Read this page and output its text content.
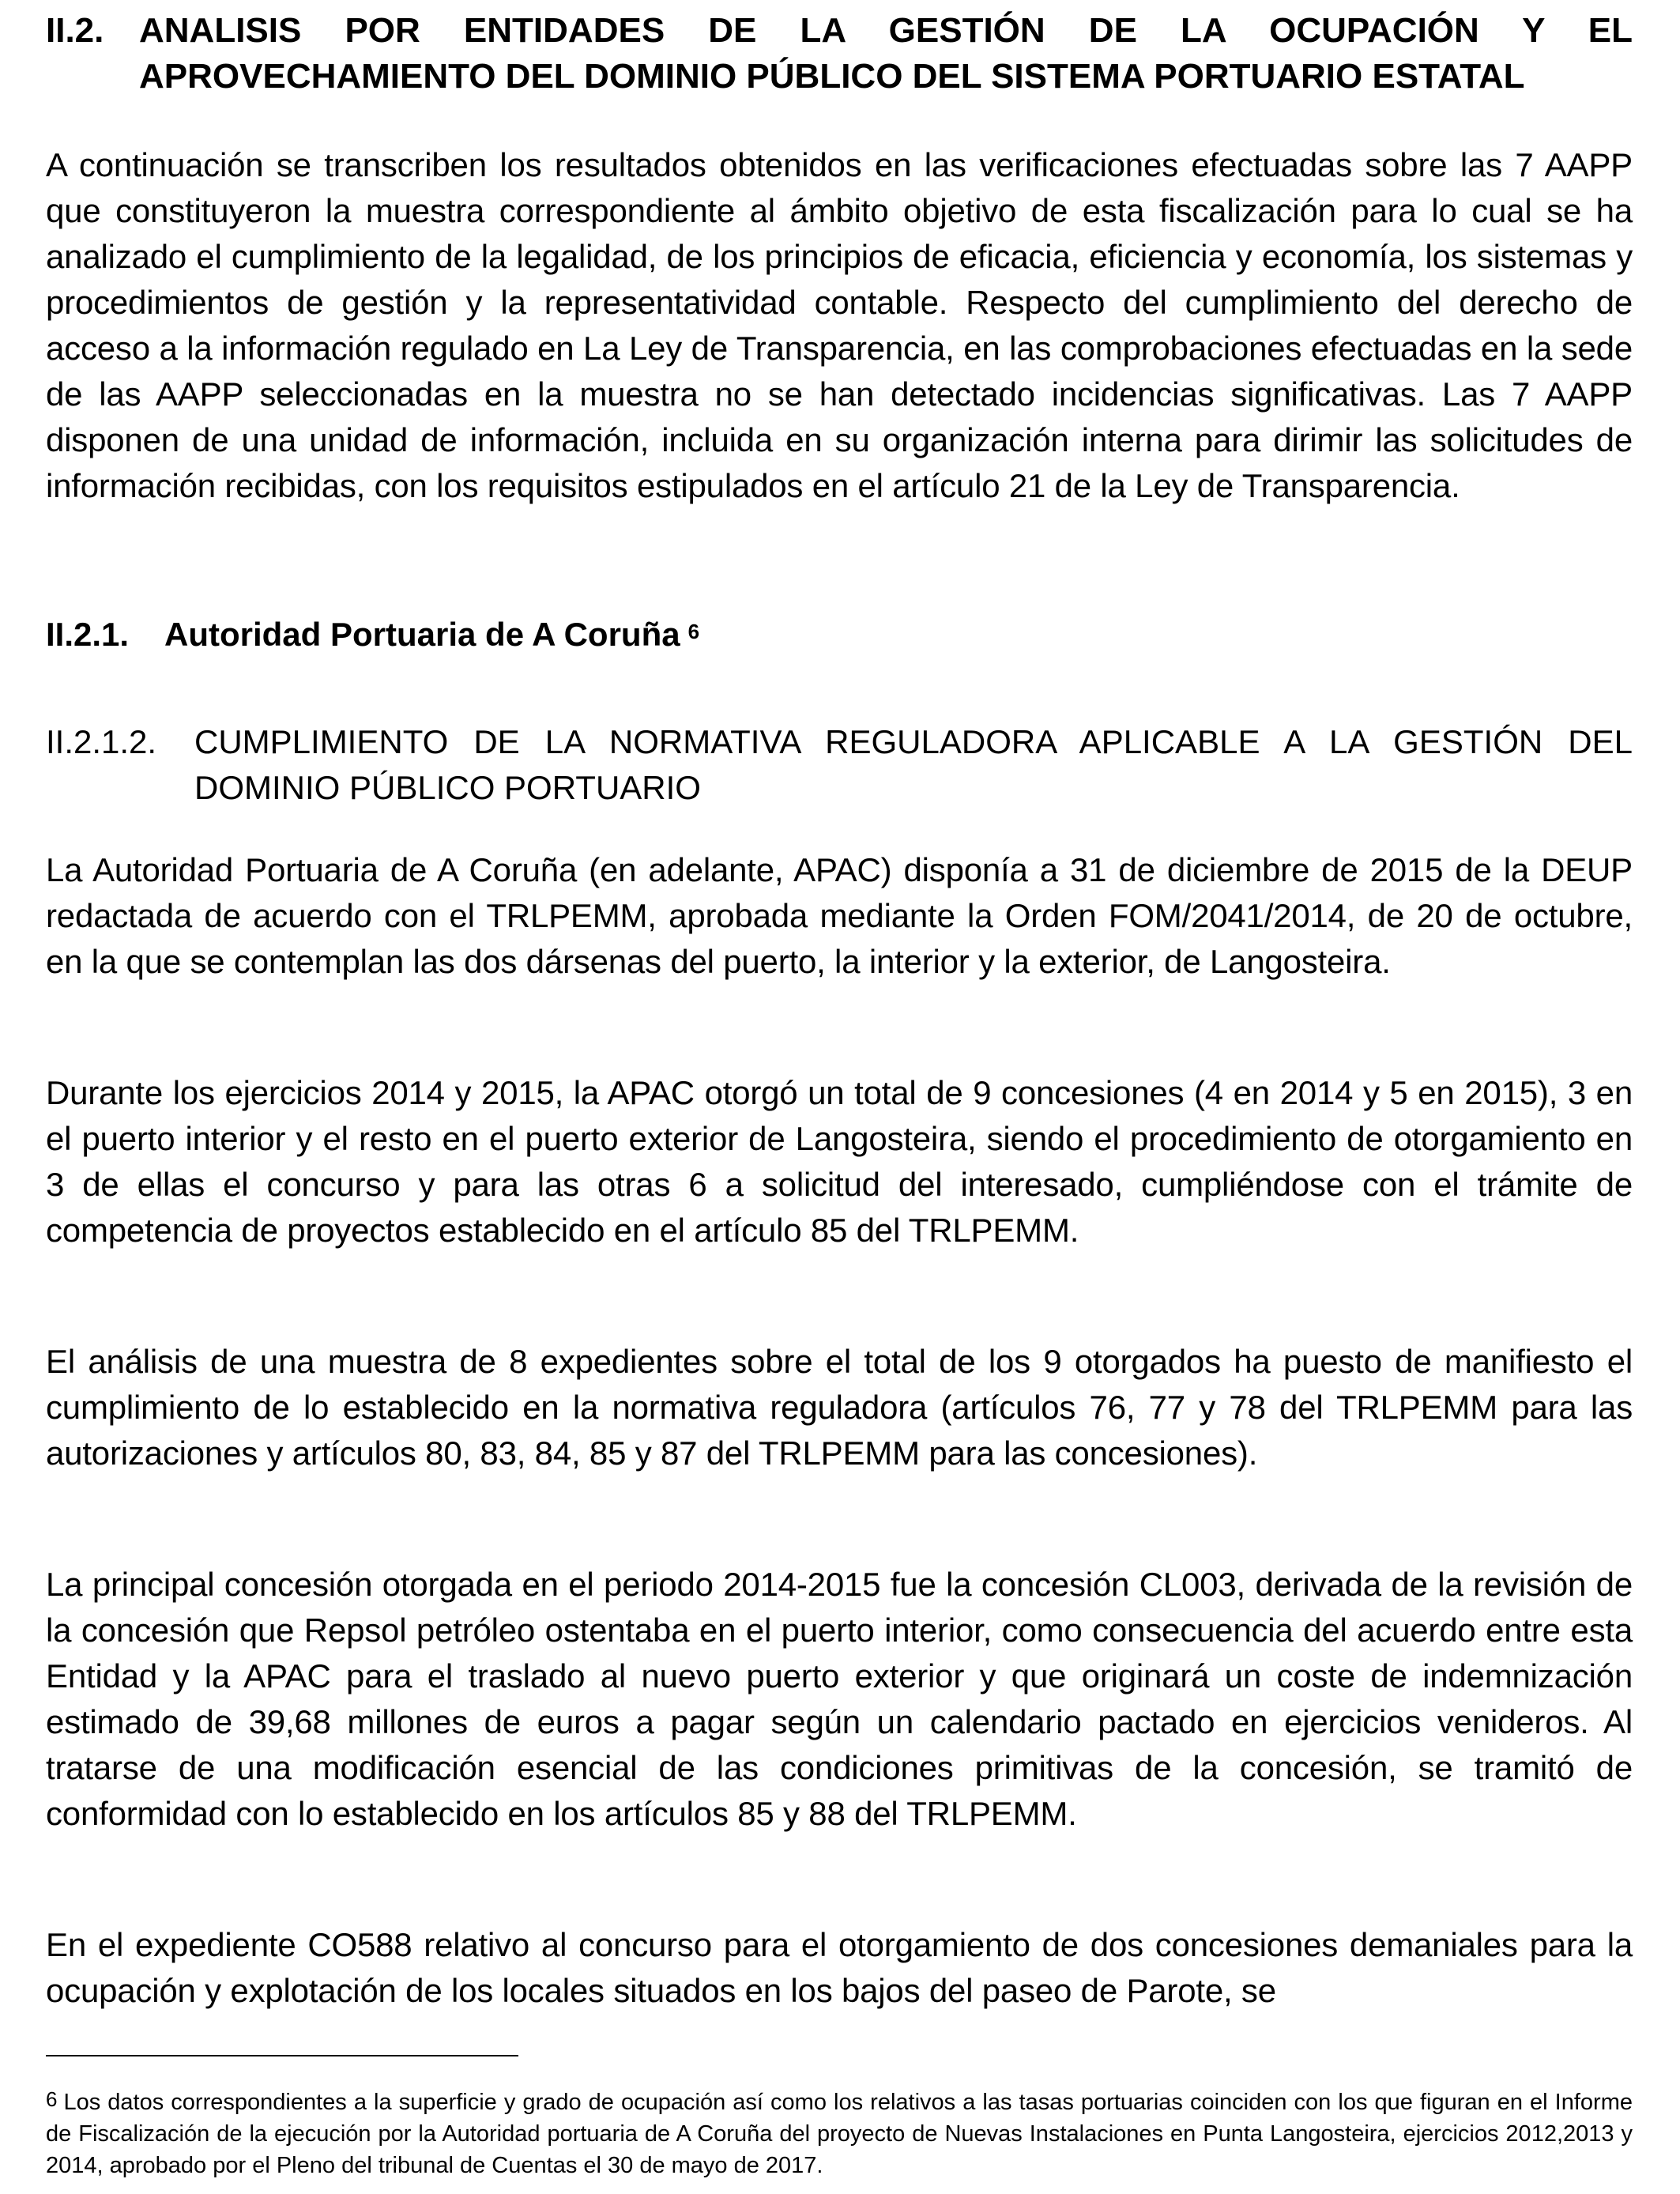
II.2. ANALISIS POR ENTIDADES DE LA GESTIÓN DE LA OCUPACIÓN Y EL
APROVECHAMIENTO DEL DOMINIO PÚBLICO DEL SISTEMA PORTUARIO ESTATAL

A continuación se transcriben los resultados obtenidos en las verificaciones efectuadas sobre las 7 AAPP que constituyeron la muestra correspondiente al ámbito objetivo de esta fiscalización para lo cual se ha analizado el cumplimiento de la legalidad, de los principios de eficacia, eficiencia y economía, los sistemas y procedimientos de gestión y la representatividad contable. Respecto del cumplimiento del derecho de acceso a la información regulado en La Ley de Transparencia, en las comprobaciones efectuadas en la sede de las AAPP seleccionadas en la muestra no se han detectado incidencias significativas. Las 7 AAPP disponen de una unidad de información, incluida en su organización interna para dirimir las solicitudes de información recibidas, con los requisitos estipulados en el artículo 21 de la Ley de Transparencia.

II.2.1. Autoridad Portuaria de A Coruña $^6$
II.2.1.2. CUMPLIMIENTO DE LA NORMATIVA REGULADORA APLICABLE A LA GESTIÓN DEL
DOMINIO PÚBLICO PORTUARIO

La Autoridad Portuaria de A Coruña (en adelante, APAC) disponía a 31 de diciembre de 2015 de la DEUP redactada de acuerdo con el TRLPEMM, aprobada mediante la Orden FOM/2041/2014, de 20 de octubre, en la que se contemplan las dos dársenas del puerto, la interior y la exterior, de Langosteira.

Durante los ejercicios 2014 y 2015, la APAC otorgó un total de 9 concesiones (4 en 2014 y 5 en 2015), 3 en el puerto interior y el resto en el puerto exterior de Langosteira, siendo el procedimiento de otorgamiento en 3 de ellas el concurso y para las otras 6 a solicitud del interesado, cumpliéndose con el trámite de competencia de proyectos establecido en el artículo 85 del TRLPEMM.

El análisis de una muestra de 8 expedientes sobre el total de los 9 otorgados ha puesto de manifiesto el cumplimiento de lo establecido en la normativa reguladora (artículos 76, 77 y 78 del TRLPEMM para las autorizaciones y artículos 80, 83, 84, 85 y 87 del TRLPEMM para las concesiones).

La principal concesión otorgada en el periodo 2014-2015 fue la concesión CL003, derivada de la revisión de la concesión que Repsol petróleo ostentaba en el puerto interior, como consecuencia del acuerdo entre esta Entidad y la APAC para el traslado al nuevo puerto exterior y que originará un coste de indemnización estimado de 39,68 millones de euros a pagar según un calendario pactado en ejercicios venideros. Al tratarse de una modificación esencial de las condiciones primitivas de la concesión, se tramitó de conformidad con lo establecido en los artículos 85 y 88 del TRLPEMM.

En el expediente CO588 relativo al concurso para el otorgamiento de dos concesiones demaniales para la ocupación y explotación de los locales situados en los bajos del paseo de Parote, se

$^6$ Los datos correspondientes a la superficie y grado de ocupación así como los relativos a las tasas portuarias coinciden con los que figuran en el Informe de Fiscalización de la ejecución por la Autoridad portuaria de A Coruña del proyecto de Nuevas Instalaciones en Punta Langosteira, ejercicios 2012,2013 y 2014, aprobado por el Pleno del tribunal de Cuentas el 30 de mayo de 2017.
